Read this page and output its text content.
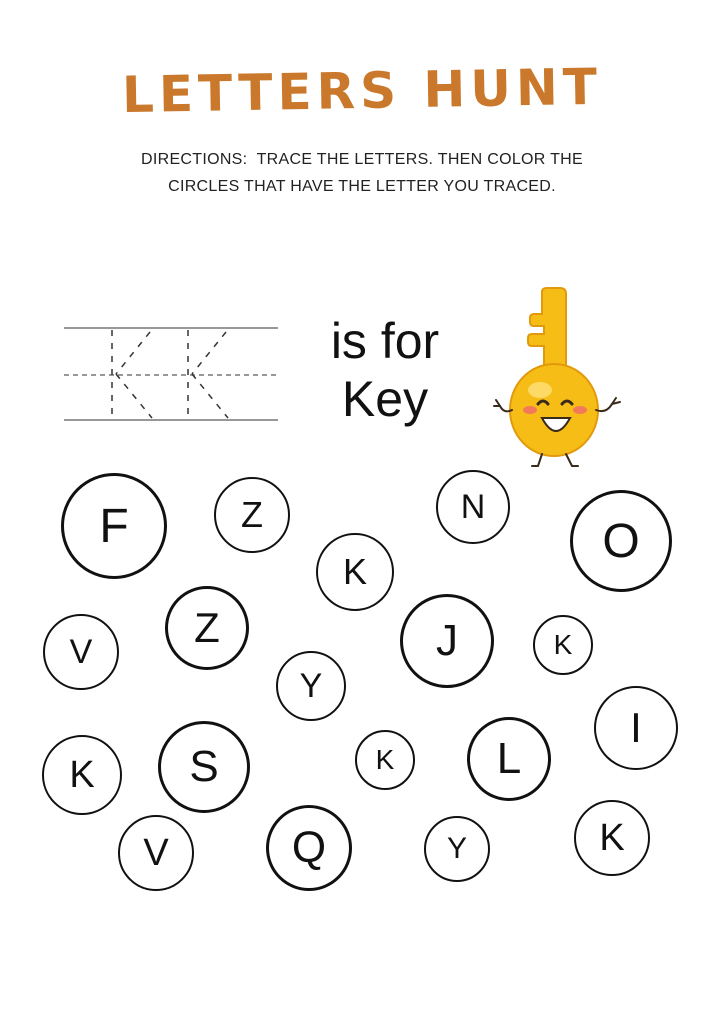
LETTERS HUNT
DIRECTIONS:  TRACE THE LETTERS. THEN COLOR THE
CIRCLES THAT HAVE THE LETTER YOU TRACED.
is for
Key
F	Z	N
O
K
V
Z	J	K
Y
I
K	S	K	L
V	Q	Y	K
